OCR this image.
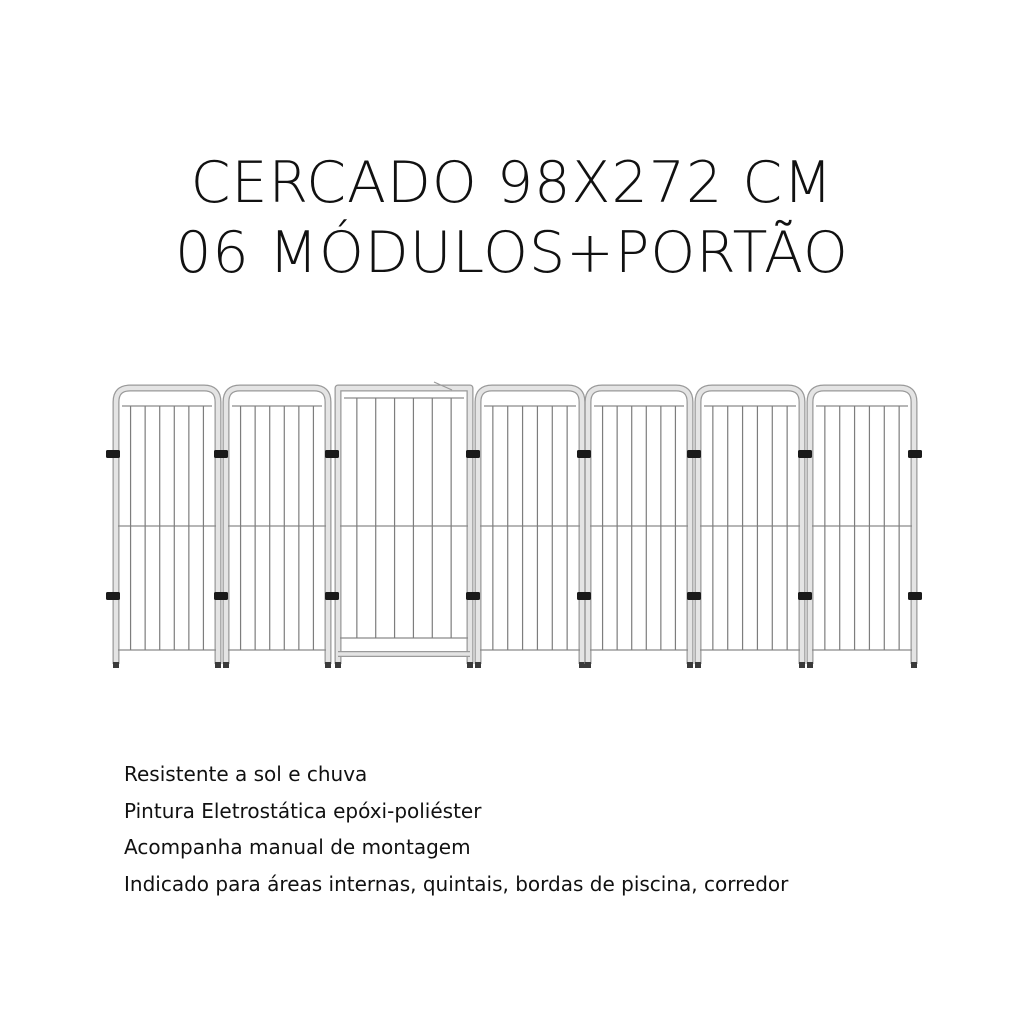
CERCADO 98X272 CM
06 MÓDULOS+PORTÃO
Resistente a sol e chuva
Pintura Eletrostática epóxi-poliéster
Acompanha manual de montagem
Indicado para áreas internas, quintais, bordas de piscina, corredor
